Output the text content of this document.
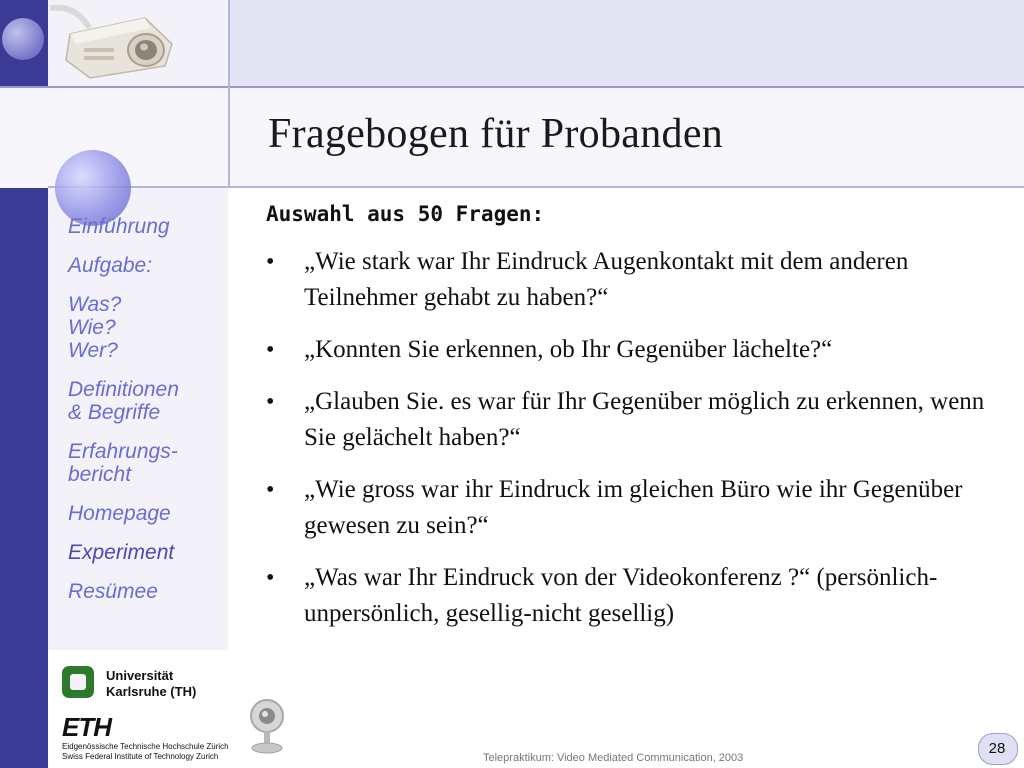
Fragebogen für Probanden
Einführung
Aufgabe:
Was?
Wie?
Wer?
Definitionen
& Begriffe
Erfahrungs-
bericht
Homepage
Experiment
Resümee
Universität
Karlsruhe (TH)
ETH
Eidgenössische Technische Hochschule Zürich
Swiss Federal Institute of Technology Zurich
Auswahl aus 50 Fragen:
•	„Wie stark war Ihr Eindruck Augenkontakt mit dem anderen Teilnehmer gehabt zu haben?“
•	„Konnten Sie erkennen, ob Ihr Gegenüber lächelte?“
•	„Glauben Sie. es war für Ihr Gegenüber möglich zu erkennen, wenn Sie gelächelt haben?“
•	„Wie gross war ihr Eindruck im gleichen Büro wie ihr Gegenüber gewesen zu sein?“
•	„Was war Ihr Eindruck von der Videokonferenz ?“ (persönlich-unpersönlich, gesellig-nicht gesellig)
Telepraktikum: Video Mediated Communication, 2003
28
